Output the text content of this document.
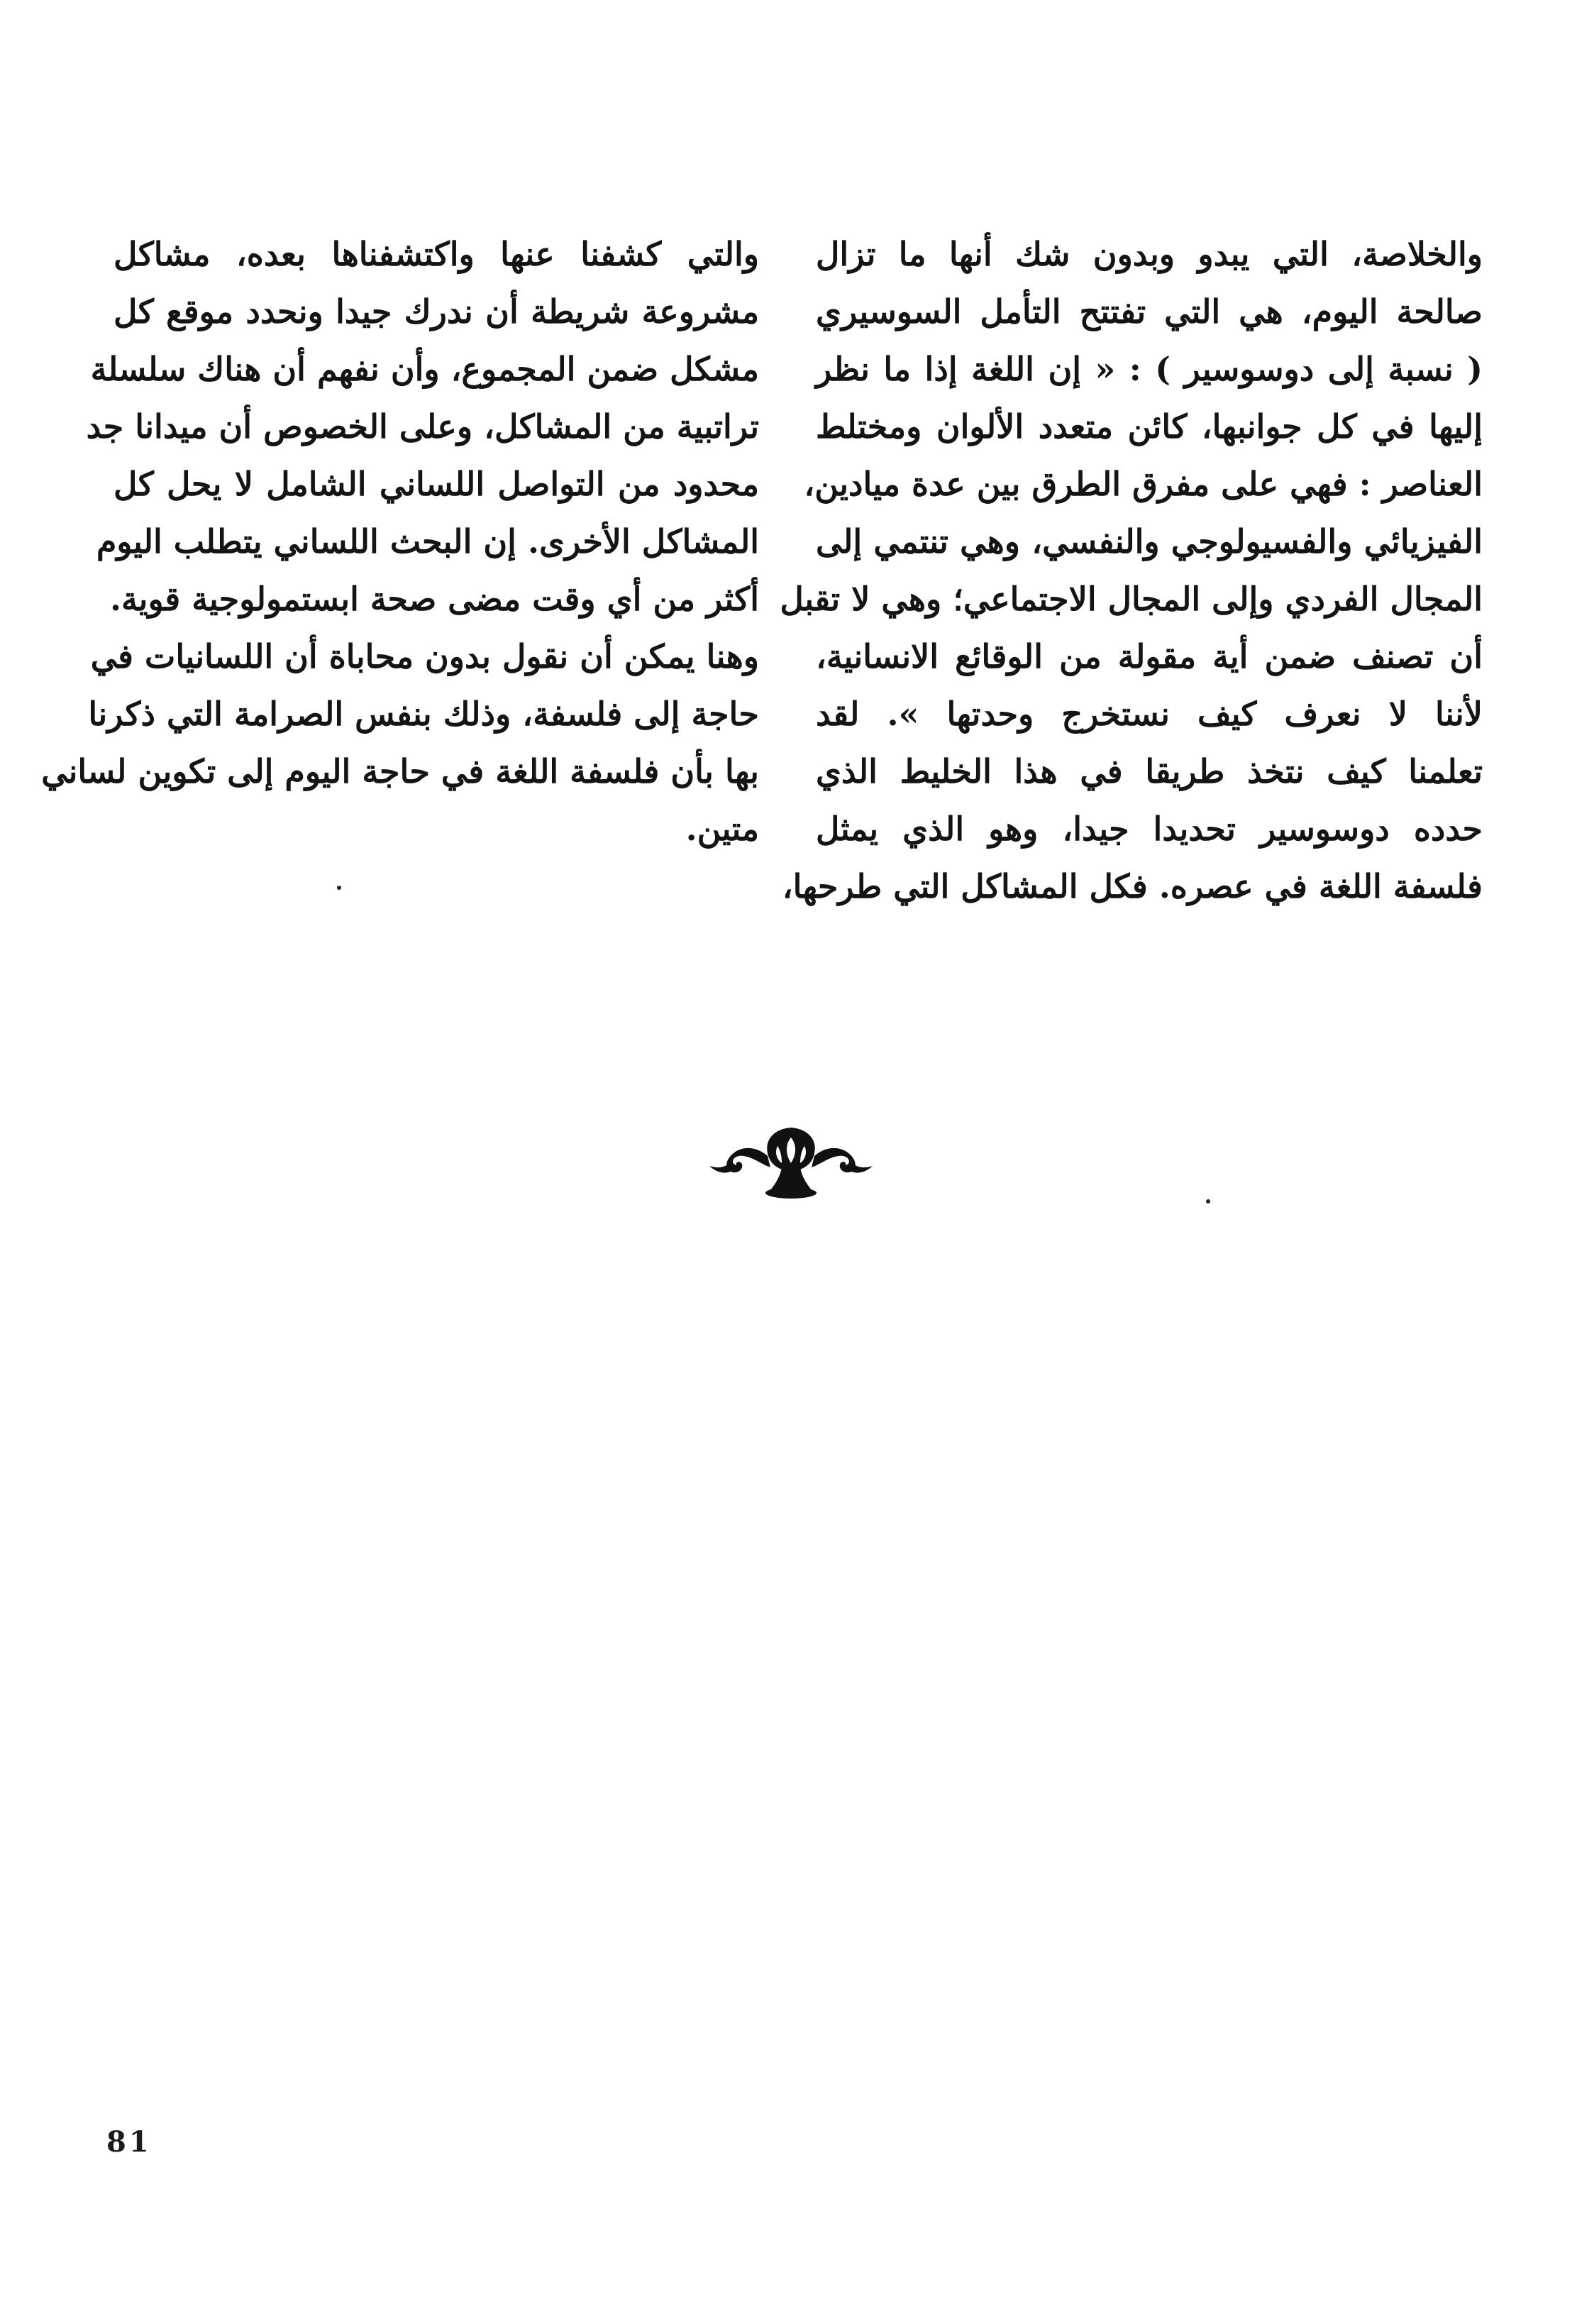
والخلاصة، التي يبدو وبدون شك أنها ما تزال
صالحة اليوم، هي التي تفتتح التأمل السوسيري
( نسبة إلى دوسوسير ) : « إن اللغة إذا ما نظر
إليها في كل جوانبها، كائن متعدد الألوان ومختلط
العناصر : فهي على مفرق الطرق بين عدة ميادين،
الفيزيائي والفسيولوجي والنفسي، وهي تنتمي إلى
المجال الفردي وإلى المجال الاجتماعي؛ وهي لا تقبل
أن تصنف ضمن أية مقولة من الوقائع الانسانية،
لأننا لا نعرف كيف نستخرج وحدتها ». لقد
تعلمنا كيف نتخذ طريقا في هذا الخليط الذي
حدده دوسوسير تحديدا جيدا، وهو الذي يمثل
فلسفة اللغة في عصره. فكل المشاكل التي طرحها،
والتي كشفنا عنها واكتشفناها بعده، مشاكل
مشروعة شريطة أن ندرك جيدا ونحدد موقع كل
مشكل ضمن المجموع، وأن نفهم أن هناك سلسلة
تراتبية من المشاكل، وعلى الخصوص أن ميدانا جد
محدود من التواصل اللساني الشامل لا يحل كل
المشاكل الأخرى. إن البحث اللساني يتطلب اليوم
أكثر من أي وقت مضى صحة ابستمولوجية قوية.
وهنا يمكن أن نقول بدون محاباة أن اللسانيات في
حاجة إلى فلسفة، وذلك بنفس الصرامة التي ذكرنا
بها بأن فلسفة اللغة في حاجة اليوم إلى تكوين لساني
متين.
81
